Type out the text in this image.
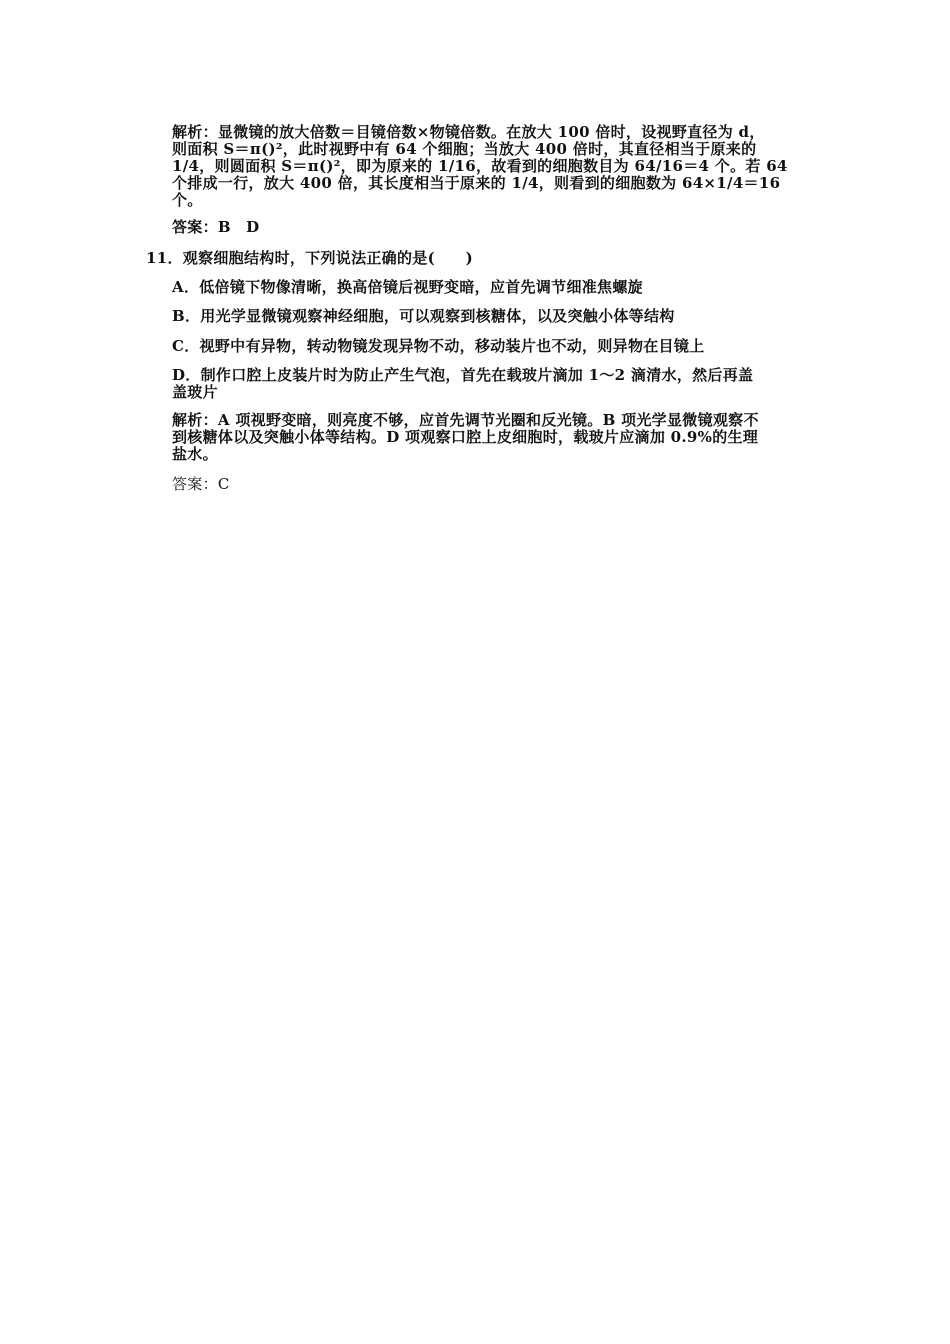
解析：显微镜的放大倍数＝目镜倍数×物镜倍数。在放大 100 倍时，设视野直径为 d，
则面积 S＝π()²，此时视野中有 64 个细胞；当放大 400 倍时，其直径相当于原来的
1/4，则圆面积 S＝π()²，即为原来的 1/16，故看到的细胞数目为 64/16＝4 个。若 64
个排成一行，放大 400 倍，其长度相当于原来的 1/4，则看到的细胞数为 64×1/4＝16
个。
答案：B　D
11．观察细胞结构时，下列说法正确的是(　　)
A．低倍镜下物像清晰，换高倍镜后视野变暗，应首先调节细准焦螺旋
B．用光学显微镜观察神经细胞，可以观察到核糖体，以及突触小体等结构
C．视野中有异物，转动物镜发现异物不动，移动装片也不动，则异物在目镜上
D．制作口腔上皮装片时为防止产生气泡，首先在载玻片滴加 1～2 滴清水，然后再盖
盖玻片
解析：A 项视野变暗，则亮度不够，应首先调节光圈和反光镜。B 项光学显微镜观察不
到核糖体以及突触小体等结构。D 项观察口腔上皮细胞时，载玻片应滴加 0.9%的生理
盐水。
答案：C
